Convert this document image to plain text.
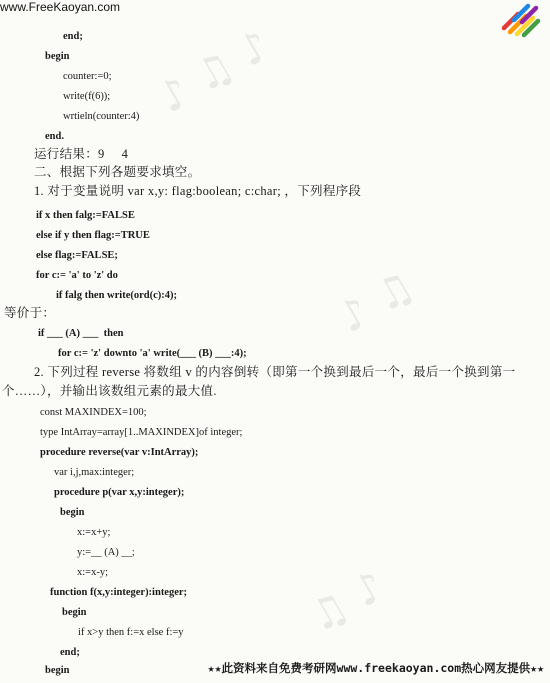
www.FreeKaoyan.com
♪♫♪
♪♫
♫♪
end;
begin
counter:=0;
write(f(6));
wrtieln(counter:4)
end.
运行结果：9     4
二、根据下列各题要求填空。
1. 对于变量说明 var x,y: flag:boolean; c:char; ，下列程序段
if x then falg:=FALSE
else if y then flag:=TRUE
else flag:=FALSE;
for c:= 'a' to 'z' do
if falg then write(ord(c):4);
等价于：
if ___ (A) ___  then
for c:= 'z' downto 'a' write(___ (B) ___:4);
2. 下列过程 reverse 将数组 v 的内容倒转（即第一个换到最后一个，最后一个换到第一
个……），并输出该数组元素的最大值.
const MAXINDEX=100;
type IntArray=array[1..MAXINDEX]of integer;
procedure reverse(var v:IntArray);
var i,j,max:integer;
procedure p(var x,y:integer);
begin
x:=x+y;
y:=__ (A) __;
x:=x-y;
function f(x,y:integer):integer;
begin
if x>y then f:=x else f:=y
end;
begin	★★此资料来自免费考研网www.freekaoyan.com热心网友提供★★
